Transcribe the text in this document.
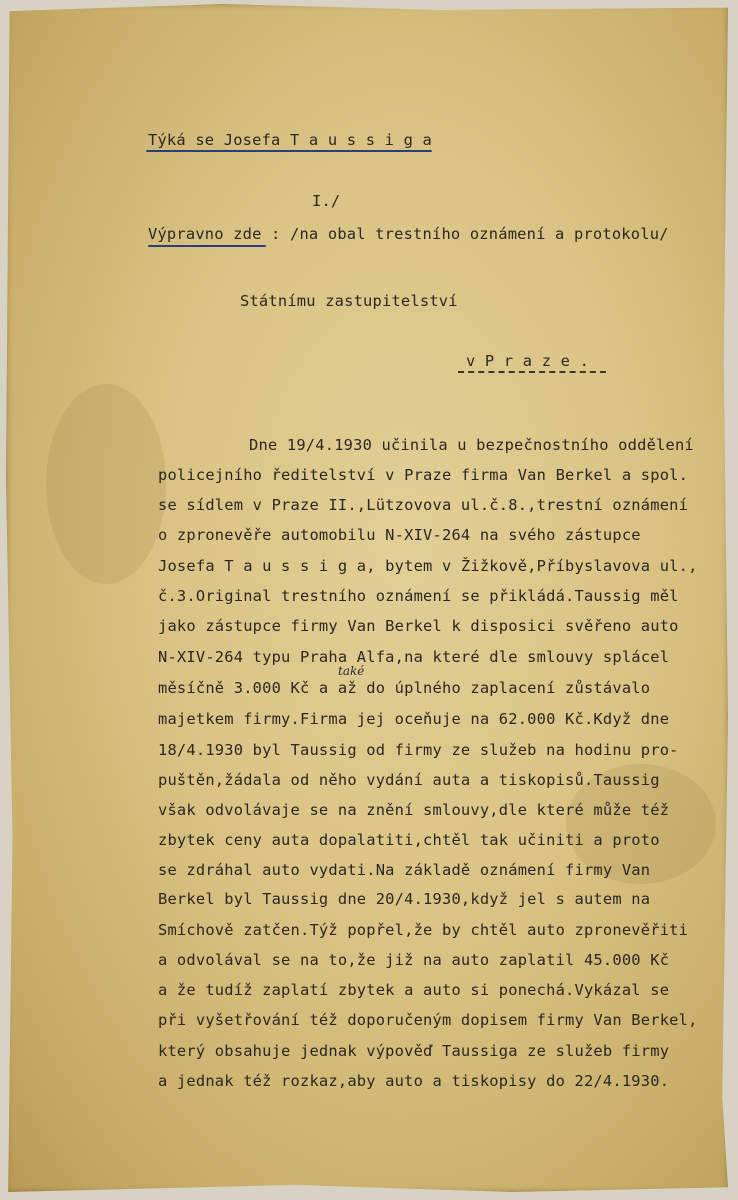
Týká se Josefa T a u s s i g a
I./
Výpravno zde : /na obal trestního oznámení a protokolu/
Státnímu zastupitelství
v P r a z e .
také
Dne 19/4.1930 učinila u bezpečnostního oddělení
policejního ředitelství v Praze firma Van Berkel a spol.
se sídlem v Praze II.,Lützovova ul.č.8.,trestní oznámení
o zpronevěře automobilu N-XIV-264 na svého zástupce
Josefa T a u s s i g a, bytem v Žižkově,Příbyslavova ul.,
č.3.Original trestního oznámení se přikládá.Taussig měl
jako zástupce firmy Van Berkel k disposici svěřeno auto
N-XIV-264 typu Praha Alfa,na které dle smlouvy splácel
měsíčně 3.000 Kč a až do úplného zaplacení zůstávalo
majetkem firmy.Firma jej oceňuje na 62.000 Kč.Když dne
18/4.1930 byl Taussig od firmy ze služeb na hodinu pro-
puštěn,žádala od něho vydání auta a tiskopisů.Taussig
však odvolávaje se na znění smlouvy,dle které může též
zbytek ceny auta dopalatiti,chtěl tak učiniti a proto
se zdráhal auto vydati.Na základě oznámení firmy Van
Berkel byl Taussig dne 20/4.1930,když jel s autem na
Smíchově zatčen.Týž popřel,že by chtěl auto zpronevěřiti
a odvolával se na to,že již na auto zaplatil 45.000 Kč
a že tudíž zaplatí zbytek a auto si ponechá.Vykázal se
při vyšetřování též doporučeným dopisem firmy Van Berkel,
který obsahuje jednak výpověď Taussiga ze služeb firmy
a jednak též rozkaz,aby auto a tiskopisy do 22/4.1930.
